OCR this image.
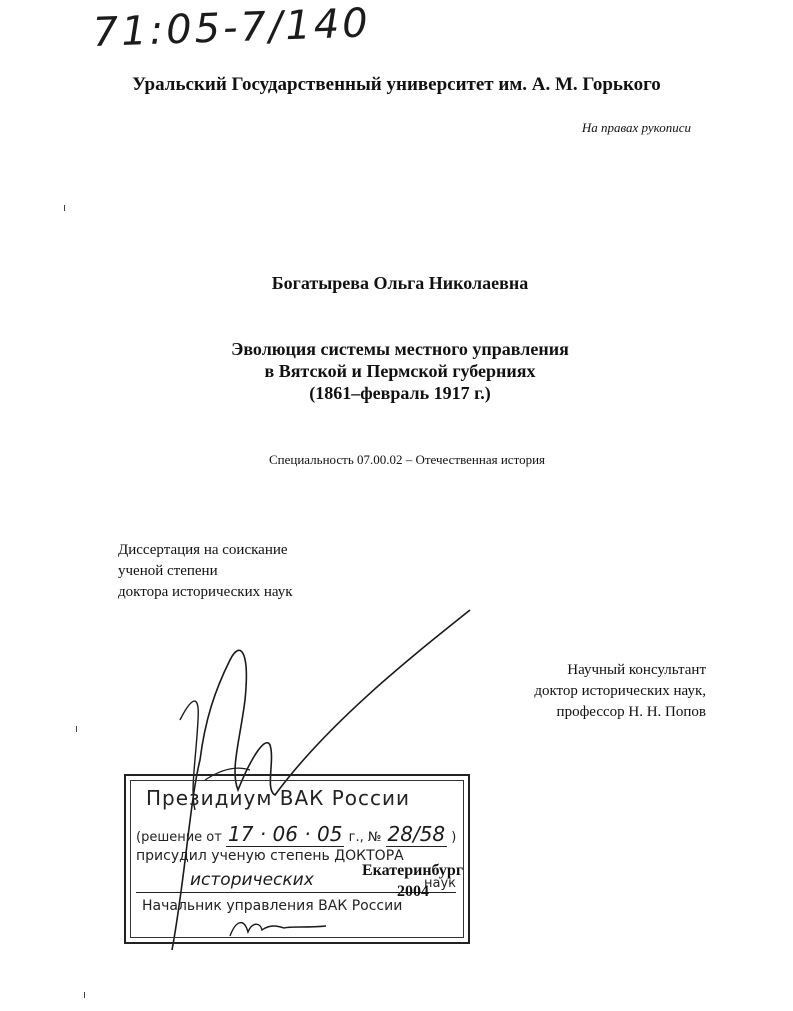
71:05-7/140
Уральский Государственный университет им. А. М. Горького
На правах рукописи
Богатырева Ольга Николаевна
Эволюция системы местного управления
в Вятской и Пермской губерниях
(1861–февраль 1917 г.)
Специальность 07.00.02 – Отечественная история
Диссертация на соискание
ученой степени
доктора исторических наук
Научный консультант
доктор исторических наук,
профессор Н. Н. Попов
Президиум ВАК России
(решение от 17 · 06 · 05 г., № 28/58 )
присудил ученую степень ДОКТОРА
исторических	наук
Начальник управления ВАК России
Екатеринбург
2004
